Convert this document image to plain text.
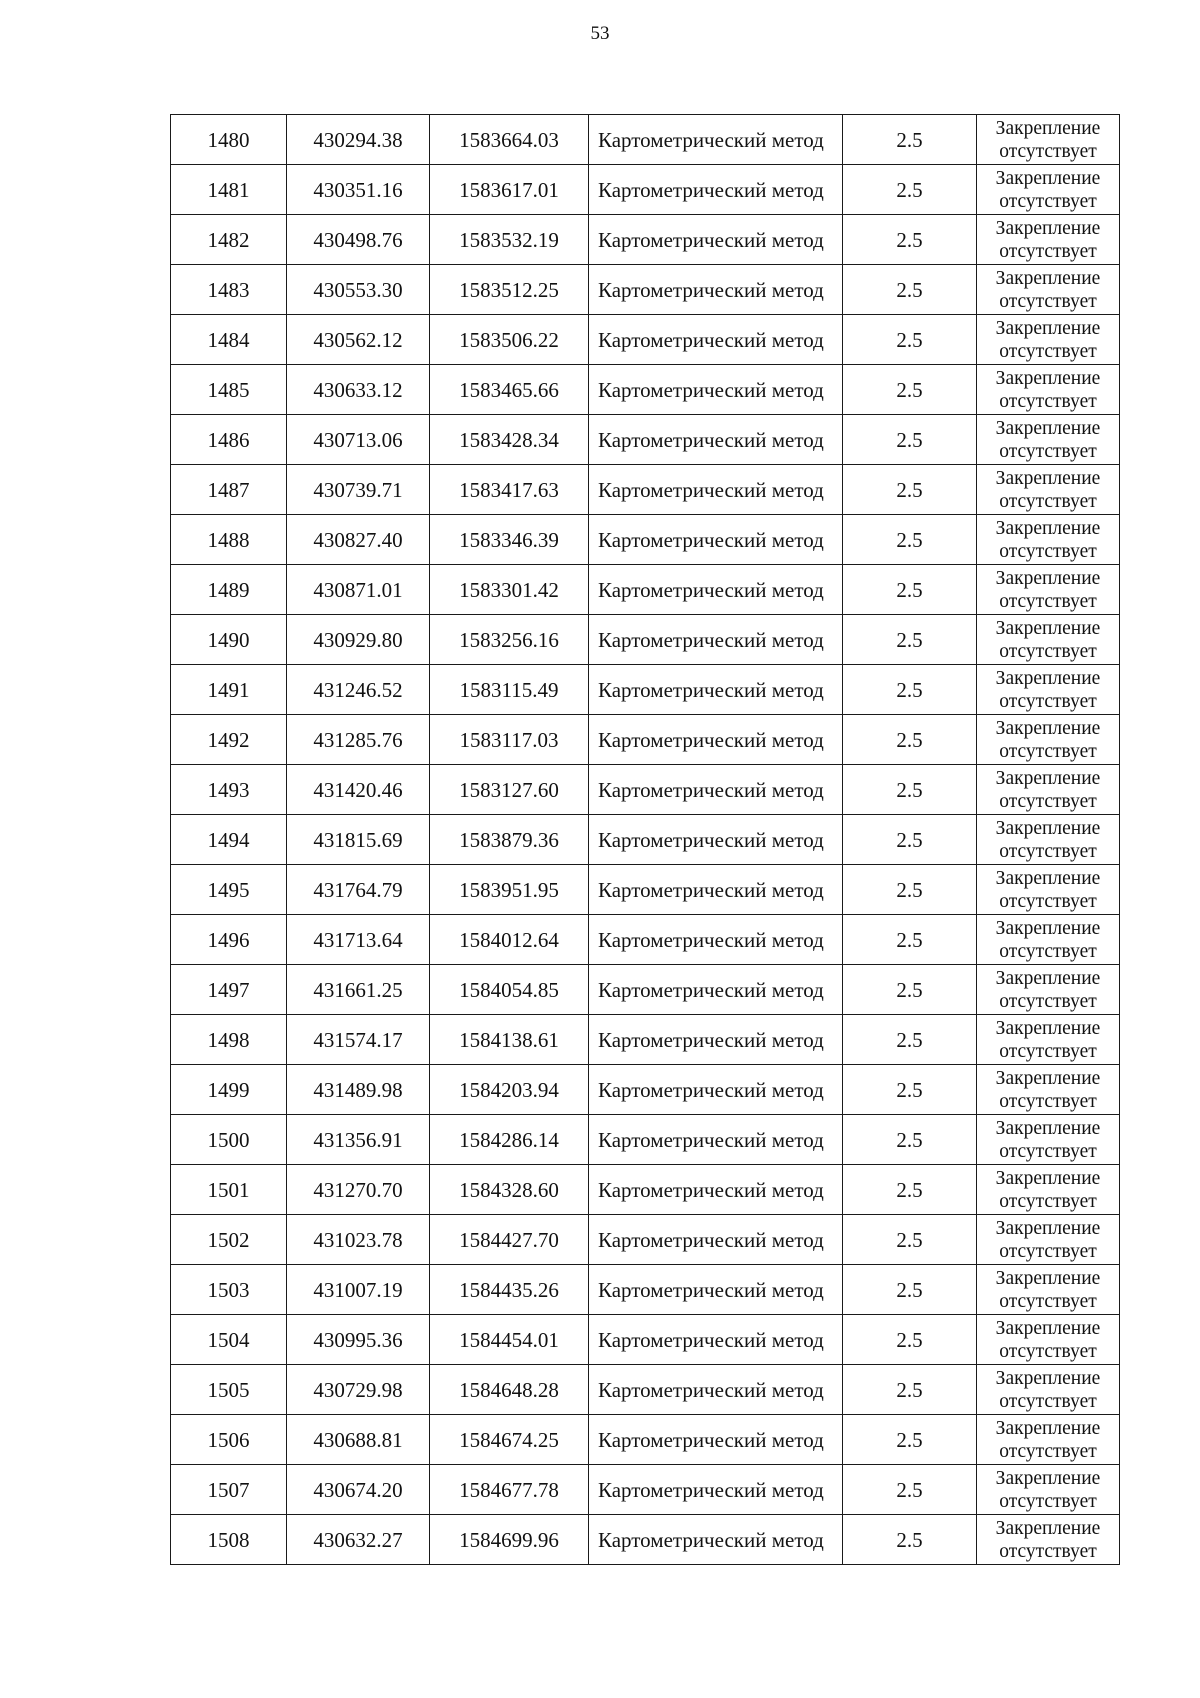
53
1480	430294.38	1583664.03	Картометрический метод	2.5	Закрепление
отсутствует

1481	430351.16	1583617.01	Картометрический метод	2.5	Закрепление
отсутствует

1482	430498.76	1583532.19	Картометрический метод	2.5	Закрепление
отсутствует

1483	430553.30	1583512.25	Картометрический метод	2.5	Закрепление
отсутствует

1484	430562.12	1583506.22	Картометрический метод	2.5	Закрепление
отсутствует

1485	430633.12	1583465.66	Картометрический метод	2.5	Закрепление
отсутствует

1486	430713.06	1583428.34	Картометрический метод	2.5	Закрепление
отсутствует

1487	430739.71	1583417.63	Картометрический метод	2.5	Закрепление
отсутствует

1488	430827.40	1583346.39	Картометрический метод	2.5	Закрепление
отсутствует

1489	430871.01	1583301.42	Картометрический метод	2.5	Закрепление
отсутствует

1490	430929.80	1583256.16	Картометрический метод	2.5	Закрепление
отсутствует

1491	431246.52	1583115.49	Картометрический метод	2.5	Закрепление
отсутствует

1492	431285.76	1583117.03	Картометрический метод	2.5	Закрепление
отсутствует

1493	431420.46	1583127.60	Картометрический метод	2.5	Закрепление
отсутствует

1494	431815.69	1583879.36	Картометрический метод	2.5	Закрепление
отсутствует

1495	431764.79	1583951.95	Картометрический метод	2.5	Закрепление
отсутствует

1496	431713.64	1584012.64	Картометрический метод	2.5	Закрепление
отсутствует

1497	431661.25	1584054.85	Картометрический метод	2.5	Закрепление
отсутствует

1498	431574.17	1584138.61	Картометрический метод	2.5	Закрепление
отсутствует

1499	431489.98	1584203.94	Картометрический метод	2.5	Закрепление
отсутствует

1500	431356.91	1584286.14	Картометрический метод	2.5	Закрепление
отсутствует

1501	431270.70	1584328.60	Картометрический метод	2.5	Закрепление
отсутствует

1502	431023.78	1584427.70	Картометрический метод	2.5	Закрепление
отсутствует

1503	431007.19	1584435.26	Картометрический метод	2.5	Закрепление
отсутствует

1504	430995.36	1584454.01	Картометрический метод	2.5	Закрепление
отсутствует

1505	430729.98	1584648.28	Картометрический метод	2.5	Закрепление
отсутствует

1506	430688.81	1584674.25	Картометрический метод	2.5	Закрепление
отсутствует

1507	430674.20	1584677.78	Картометрический метод	2.5	Закрепление
отсутствует

1508	430632.27	1584699.96	Картометрический метод	2.5	Закрепление
отсутствует
